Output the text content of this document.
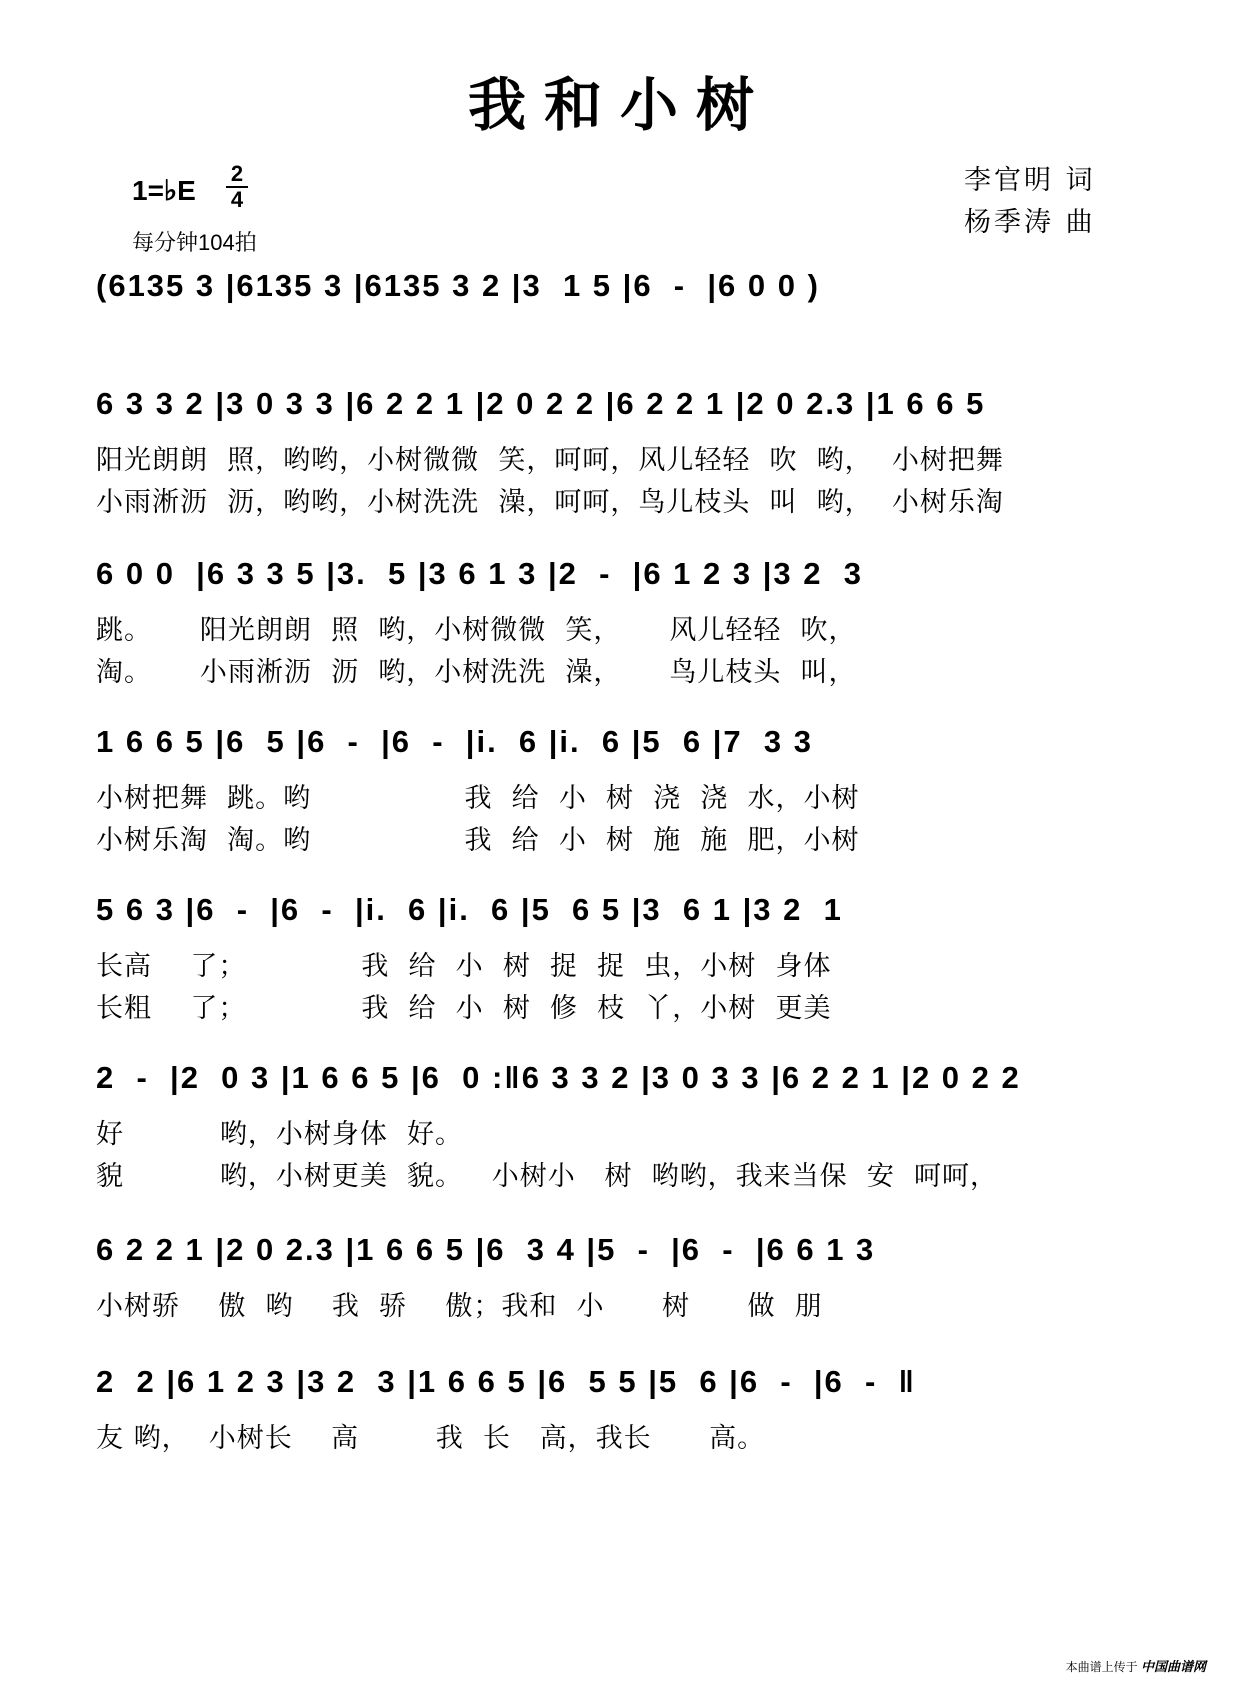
我和小树
1=♭E $\frac{2}{4}$
每分钟104拍
李官明 词
杨季涛 曲
(6135 3 |6135 3 |6135 3 2 |3  1 5 |6  -  |6 0 0 )
6 3 3 2 |3 0 3 3 |6 2 2 1 |2 0 2 2 |6 2 2 1 |2 0 2.3 |1 6 6 5
阳光朗朗  照，哟哟，小树微微  笑，呵呵，风儿轻轻  吹  哟，  小树把舞
小雨淅沥  沥，哟哟，小树洗洗  澡，呵呵，鸟儿枝头  叫  哟，  小树乐淘
6 0 0  |6 3 3 5 |3.  5 |3 6 1 3 |2  -  |6 1 2 3 |3 2  3
跳。     阳光朗朗  照  哟，小树微微  笑，     风儿轻轻  吹，
淘。     小雨淅沥  沥  哟，小树洗洗  澡，     鸟儿枝头  叫，
1 6 6 5 |6  5 |6  -  |6  -  |i.  6 |i.  6 |5  6 |7  3 3
小树把舞  跳。哟                我  给  小  树  浇  浇  水，小树
小树乐淘  淘。哟                我  给  小  树  施  施  肥，小树
5 6 3 |6  -  |6  -  |i.  6 |i.  6 |5  6 5 |3  6 1 |3 2  1
长高    了；            我  给  小  树  捉  捉  虫，小树  身体
长粗    了；            我  给  小  树  修  枝  丫，小树  更美
2  -  |2  0 3 |1 6 6 5 |6  0 :‖6 3 3 2 |3 0 3 3 |6 2 2 1 |2 0 2 2
好          哟，小树身体  好。
貌          哟，小树更美  貌。   小树小   树  哟哟，我来当保  安  呵呵，
6 2 2 1 |2 0 2.3 |1 6 6 5 |6  3 4 |5  -  |6  -  |6 6 1 3
小树骄    傲  哟    我  骄    傲；我和  小      树      做  朋
2  2 |6 1 2 3 |3 2  3 |1 6 6 5 |6  5 5 |5  6 |6  -  |6  -  ‖
友 哟，  小树长    高        我  长   高，我长      高。
本曲谱上传于 中国曲谱网
